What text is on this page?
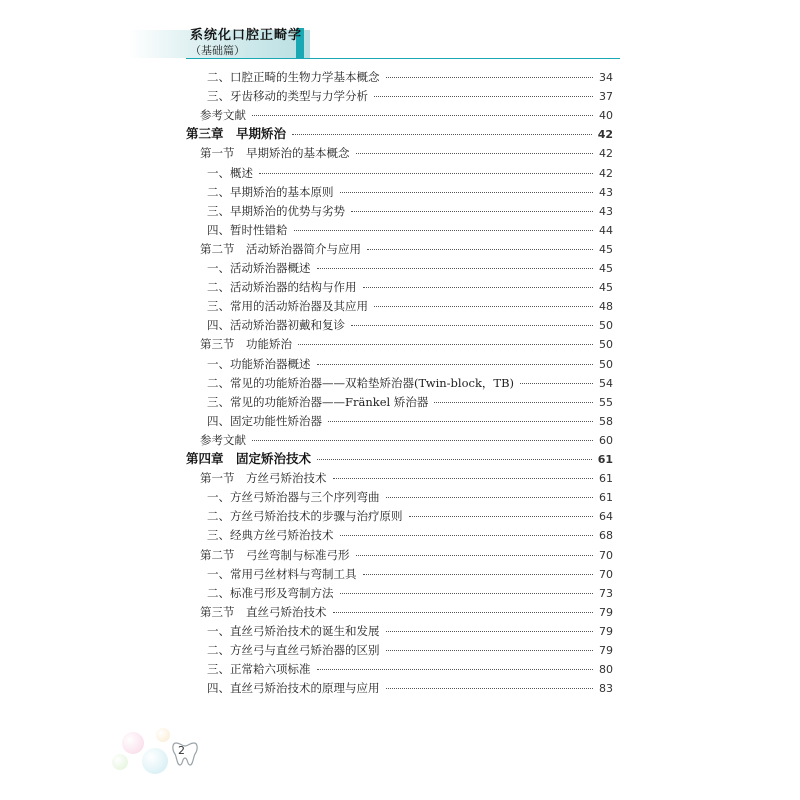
系统化口腔正畸学
（基础篇）
二、口腔正畸的生物力学基本概念	34
三、牙齿移动的类型与力学分析	37
参考文献	40
第三章　早期矫治	42
第一节　早期矫治的基本概念	42
一、概述	42
二、早期矫治的基本原则	43
三、早期矫治的优势与劣势	43
四、暂时性错耠	44
第二节　活动矫治器简介与应用	45
一、活动矫治器概述	45
二、活动矫治器的结构与作用	45
三、常用的活动矫治器及其应用	48
四、活动矫治器初戴和复诊	50
第三节　功能矫治	50
一、功能矫治器概述	50
二、常见的功能矫治器——双耠垫矫治器(Twin-block，TB)	54
三、常见的功能矫治器——Fränkel 矫治器	55
四、固定功能性矫治器	58
参考文献	60
第四章　固定矫治技术	61
第一节　方丝弓矫治技术	61
一、方丝弓矫治器与三个序列弯曲	61
二、方丝弓矫治技术的步骤与治疗原则	64
三、经典方丝弓矫治技术	68
第二节　弓丝弯制与标准弓形	70
一、常用弓丝材料与弯制工具	70
二、标准弓形及弯制方法	73
第三节　直丝弓矫治技术	79
一、直丝弓矫治技术的诞生和发展	79
二、方丝弓与直丝弓矫治器的区别	79
三、正常耠六项标准	80
四、直丝弓矫治技术的原理与应用	83
2
